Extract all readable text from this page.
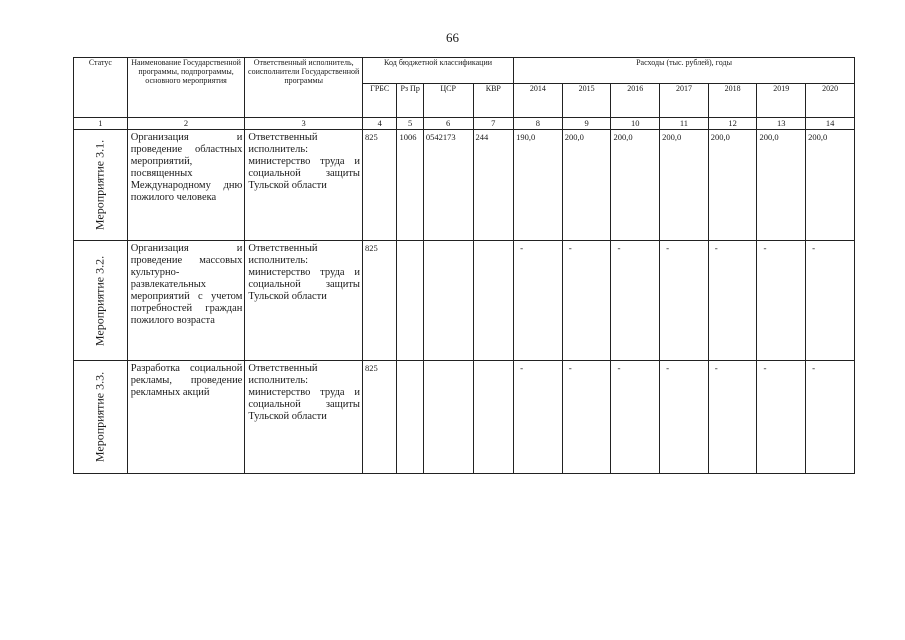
66
Статус	Наименование Государственной программы, подпрограммы, основного мероприятия	Ответственный исполнитель, соисполнители Государственной программы	Код бюджетной классификации				Расходы (тыс. рублей), годы						
			ГРБС	Рз Пр	ЦСР	КВР	2014	2015	2016	2017	2018	2019	2020
1	2	3	4	5	6	7	8	9	10	11	12	13	14

Мероприятие 3.1.	Организация и проведение областных мероприятий, посвященных Международному дню пожилого человека	Ответственный исполнитель: министерство труда и социальной защиты Тульской области	825	1006	0542173	244	190,0	200,0	200,0	200,0	200,0	200,0	200,0

Мероприятие 3.2.	Организация и проведение массовых культурно-развлекательных мероприятий с учетом потребностей граждан пожилого возраста	Ответственный исполнитель: министерство труда и социальной защиты Тульской области	825				-	-	-	-	-	-	-

Мероприятие 3.3.	Разработка социальной рекламы, проведение рекламных акций	Ответственный исполнитель: министерство труда и социальной защиты Тульской области	825				-	-	-	-	-	-	-
